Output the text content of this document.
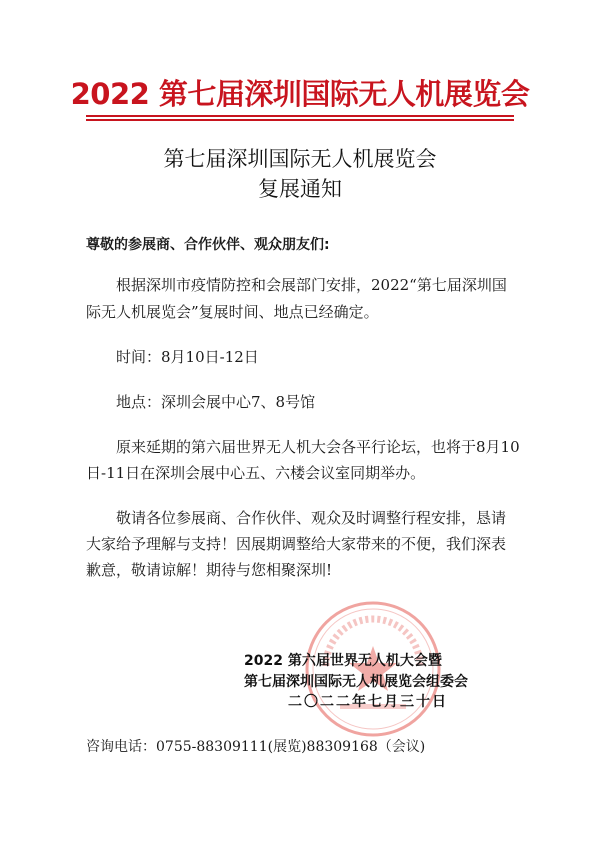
2022 第七届深圳国际无人机展览会
第七届深圳国际无人机展览会
复展通知
尊敬的参展商、合作伙伴、观众朋友们:
根据深圳市疫情防控和会展部门安排，2022“第七届深圳国
际无人机展览会”复展时间、地点已经确定。
时间：8月10日-12日
地点：深圳会展中心7、8号馆
原来延期的第六届世界无人机大会各平行论坛，也将于8月10
日-11日在深圳会展中心五、六楼会议室同期举办。
敬请各位参展商、合作伙伴、观众及时调整行程安排，恳请
大家给予理解与支持！因展期调整给大家带来的不便，我们深表
歉意，敬请谅解！期待与您相聚深圳!
2022 第六届世界无人机大会暨
第七届深圳国际无人机展览会组委会
二〇二二年七月三十日
咨询电话：0755-88309111(展览)88309168（会议)
